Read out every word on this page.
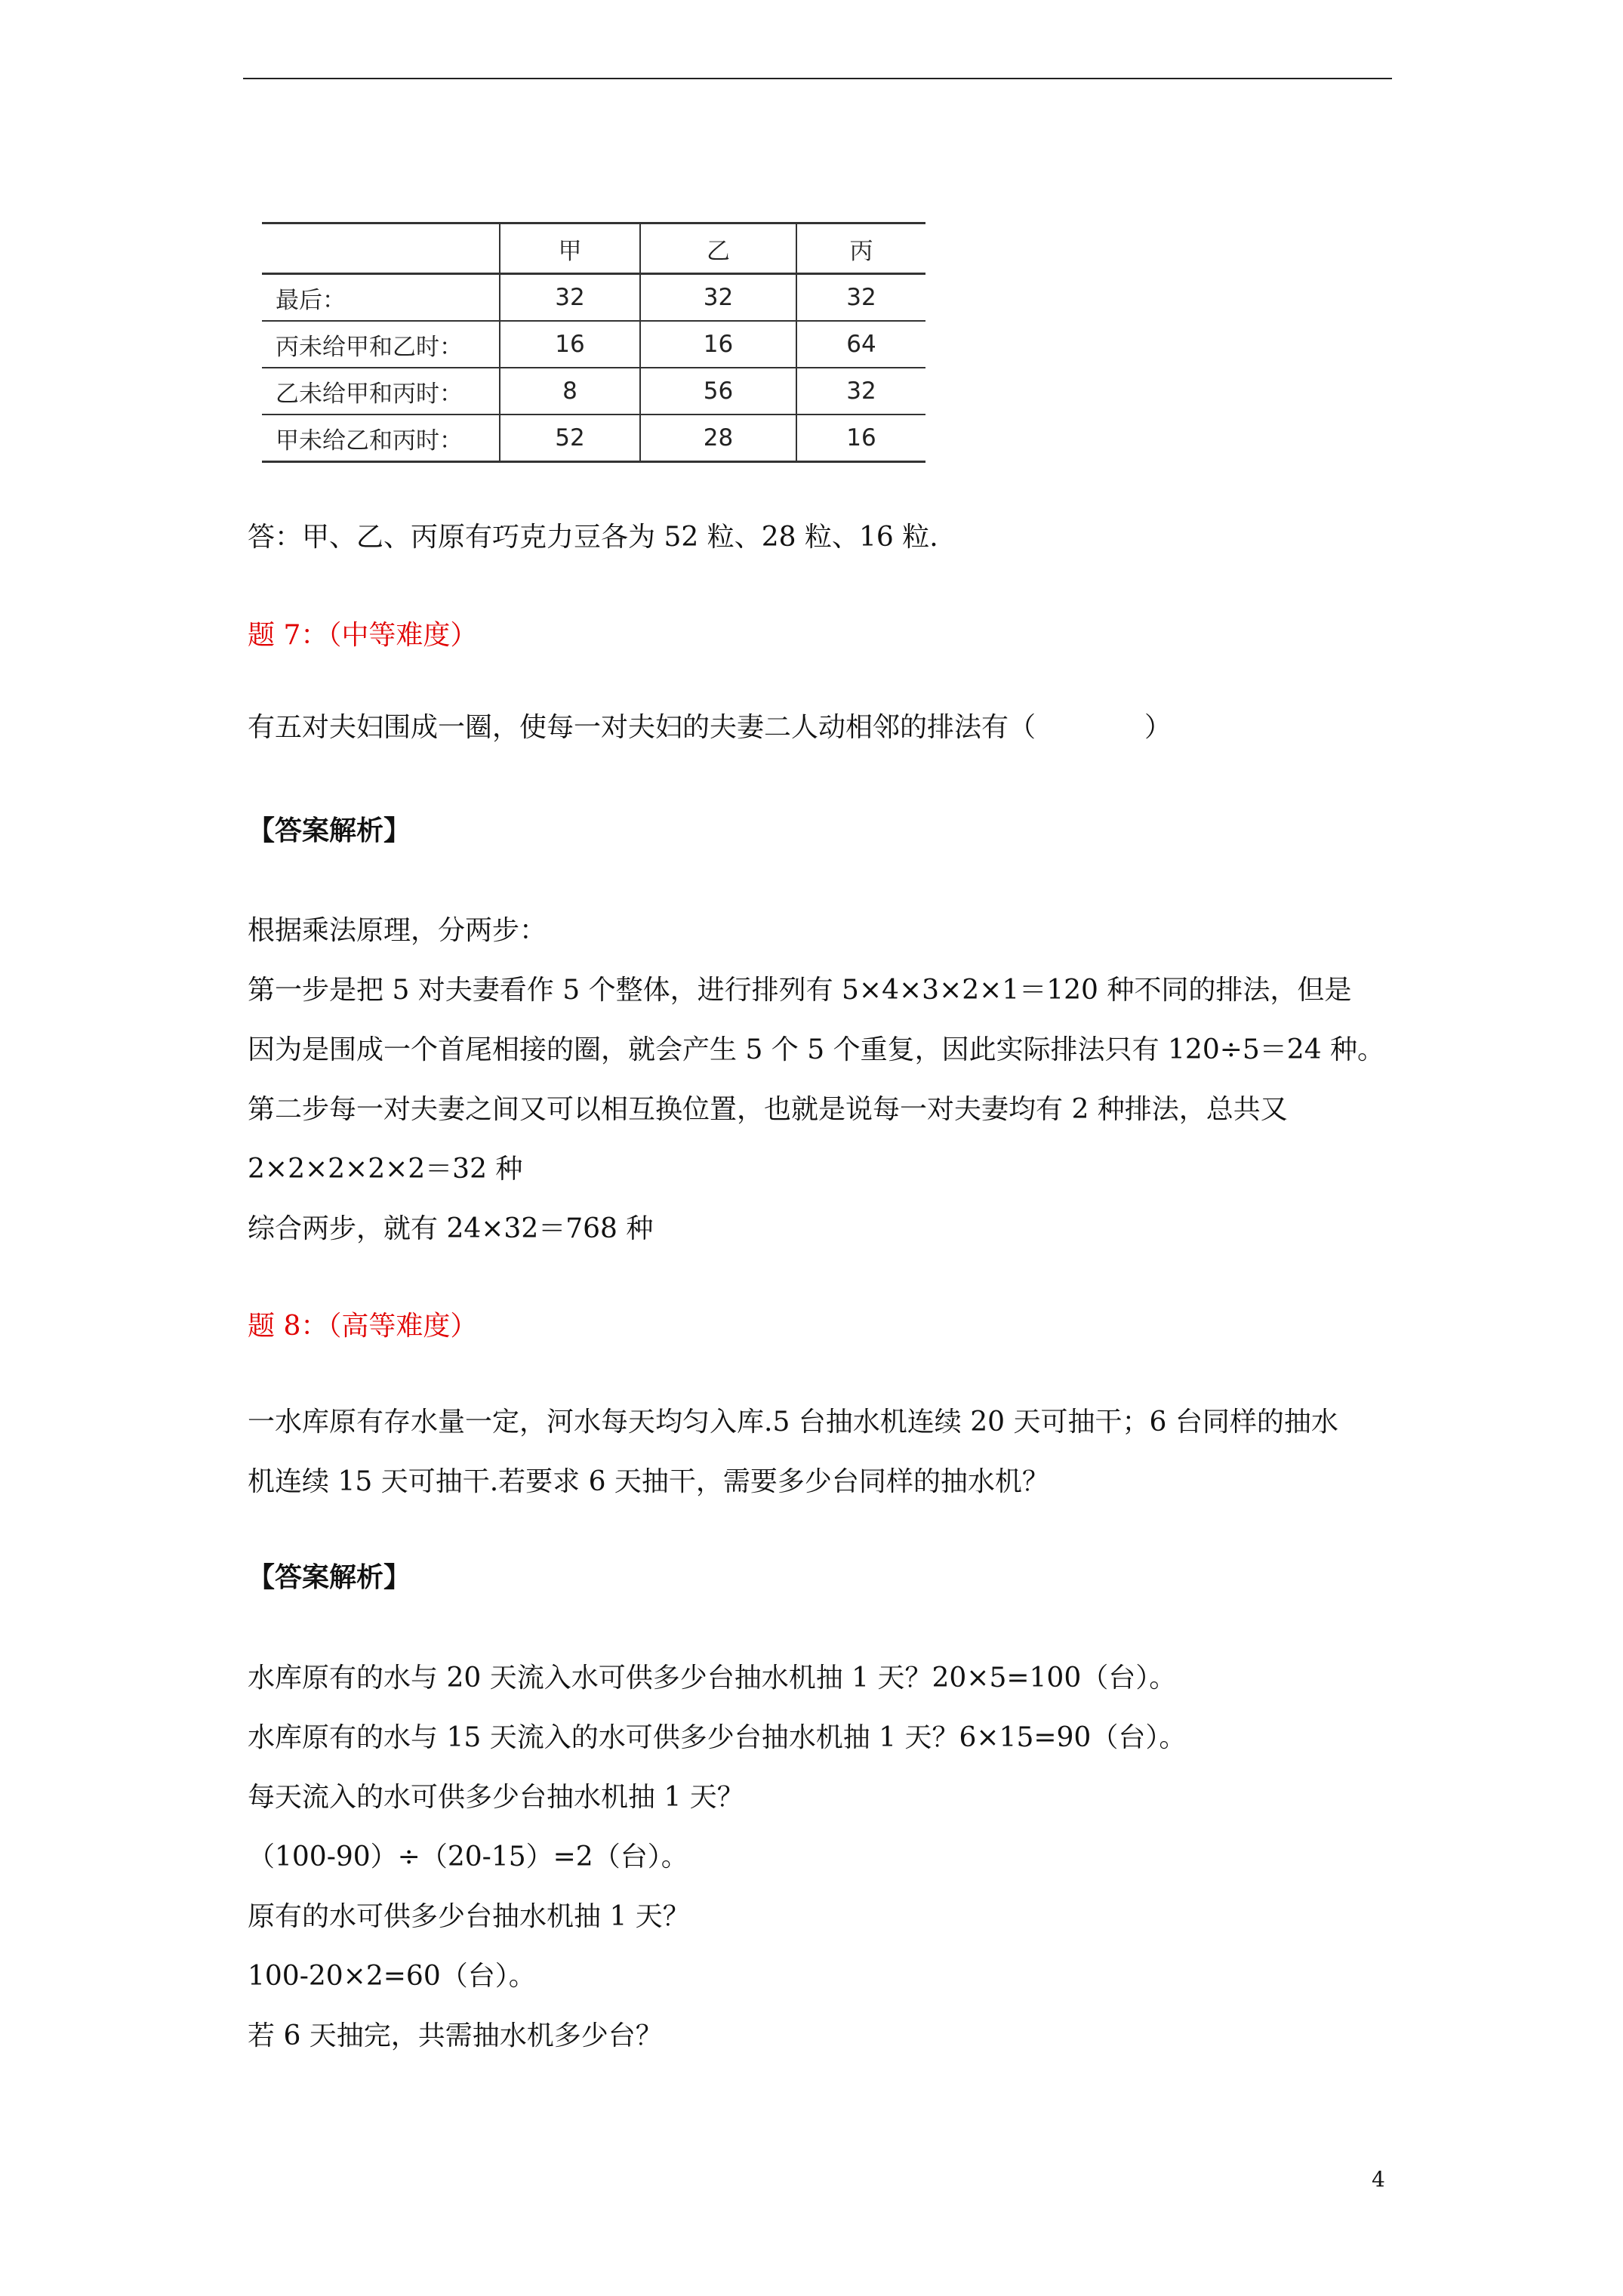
	甲	乙	丙
最后：	32	32	32
丙未给甲和乙时：	16	16	64
乙未给甲和丙时：	8	56	32
甲未给乙和丙时：	52	28	16
答：甲、乙、丙原有巧克力豆各为 52 粒、28 粒、16 粒.
题 7：（中等难度）
有五对夫妇围成一圈，使每一对夫妇的夫妻二人动相邻的排法有（　　　　）
【答案解析】
根据乘法原理，分两步：
第一步是把 5 对夫妻看作 5 个整体，进行排列有 5×4×3×2×1＝120 种不同的排法，但是
因为是围成一个首尾相接的圈，就会产生 5 个 5 个重复，因此实际排法只有 120÷5＝24 种。
第二步每一对夫妻之间又可以相互换位置，也就是说每一对夫妻均有 2 种排法，总共又
2×2×2×2×2＝32 种
综合两步，就有 24×32＝768 种
题 8：（高等难度）
一水库原有存水量一定，河水每天均匀入库.5 台抽水机连续 20 天可抽干；6 台同样的抽水
机连续 15 天可抽干.若要求 6 天抽干，需要多少台同样的抽水机？
【答案解析】
水库原有的水与 20 天流入水可供多少台抽水机抽 1 天？20×5=100（台）。
水库原有的水与 15 天流入的水可供多少台抽水机抽 1 天？6×15=90（台）。
每天流入的水可供多少台抽水机抽 1 天？
（100-90）÷（20-15）=2（台）。
原有的水可供多少台抽水机抽 1 天？
100-20×2=60（台）。
若 6 天抽完，共需抽水机多少台？
4
